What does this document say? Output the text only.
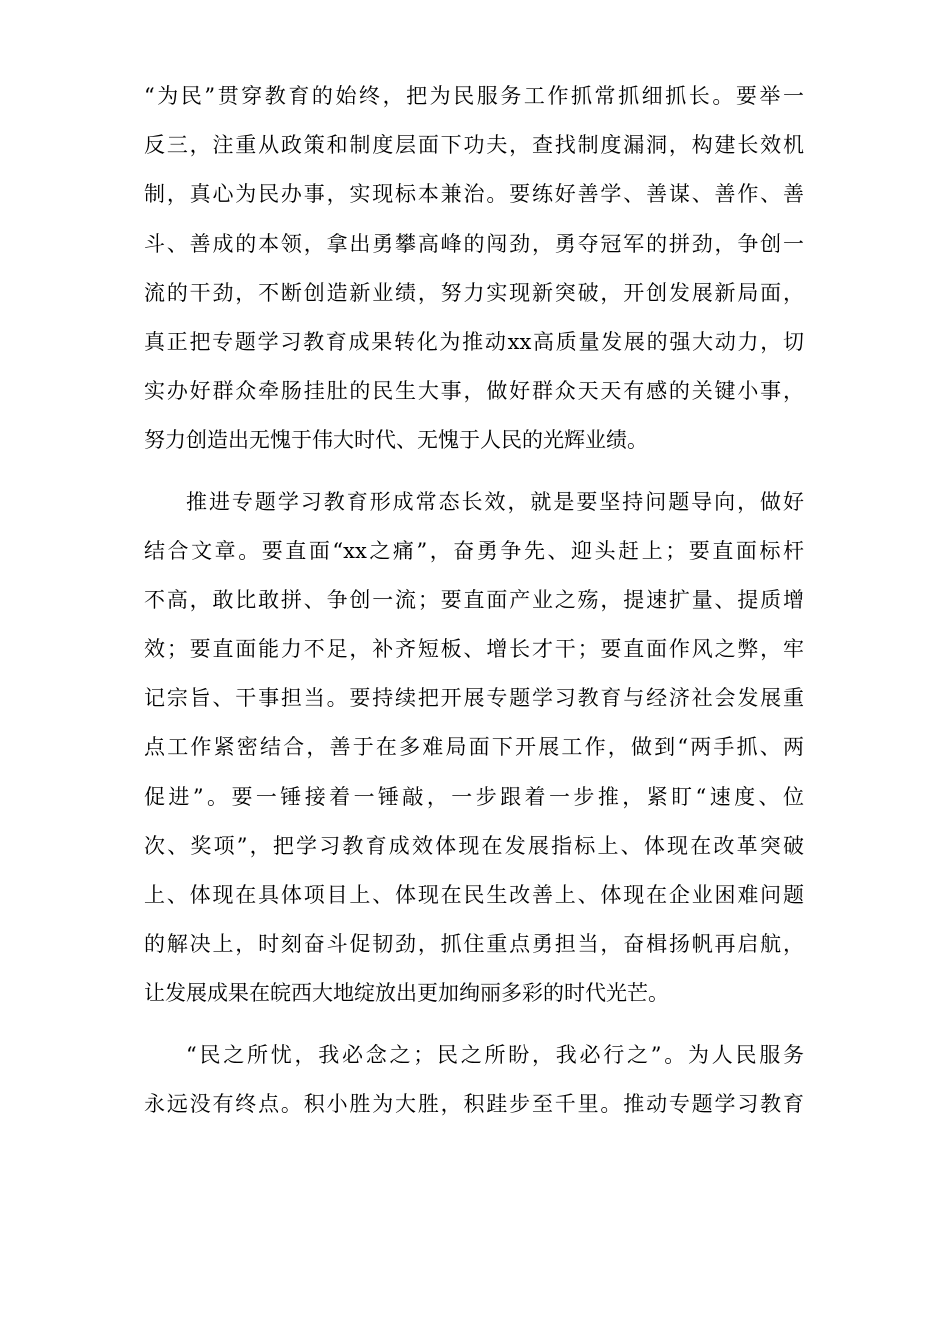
“为民”贯穿教育的始终，把为民服务工作抓常抓细抓长。要举一
反三，注重从政策和制度层面下功夫，查找制度漏洞，构建长效机
制，真心为民办事，实现标本兼治。要练好善学、善谋、善作、善
斗、善成的本领，拿出勇攀高峰的闯劲，勇夺冠军的拼劲，争创一
流的干劲，不断创造新业绩，努力实现新突破，开创发展新局面，
真正把专题学习教育成果转化为推动xx高质量发展的强大动力，切
实办好群众牵肠挂肚的民生大事，做好群众天天有感的关键小事，
努力创造出无愧于伟大时代、无愧于人民的光辉业绩。
推进专题学习教育形成常态长效，就是要坚持问题导向，做好
结合文章。要直面“xx之痛”，奋勇争先、迎头赶上；要直面标杆
不高，敢比敢拼、争创一流；要直面产业之殇，提速扩量、提质增
效；要直面能力不足，补齐短板、增长才干；要直面作风之弊，牢
记宗旨、干事担当。要持续把开展专题学习教育与经济社会发展重
点工作紧密结合，善于在多难局面下开展工作，做到“两手抓、两
促进”。要一锤接着一锤敲，一步跟着一步推，紧盯“速度、位
次、奖项”，把学习教育成效体现在发展指标上、体现在改革突破
上、体现在具体项目上、体现在民生改善上、体现在企业困难问题
的解决上，时刻奋斗促韧劲，抓住重点勇担当，奋楫扬帆再启航，
让发展成果在皖西大地绽放出更加绚丽多彩的时代光芒。
“民之所忧，我必念之；民之所盼，我必行之”。为人民服务
永远没有终点。积小胜为大胜，积跬步至千里。推动专题学习教育
